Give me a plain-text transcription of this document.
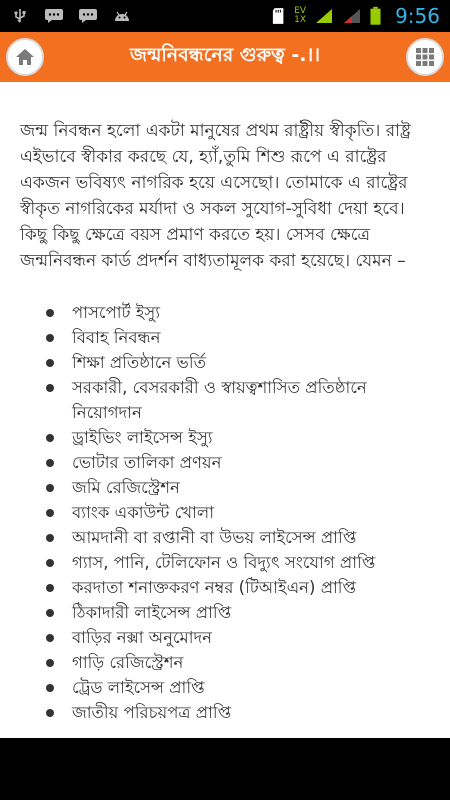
EV
1X	9:56
জন্মনিবন্ধনের গুরুত্ব -.।।

জন্ম নিবন্ধন হলো একটা মানুষের প্রথম রাষ্ট্রীয় স্বীকৃতি। রাষ্ট্র এইভাবে স্বীকার করছে যে, হ্যাঁ,তুমি শিশু রূপে এ রাষ্ট্রের একজন ভবিষ্যৎ নাগরিক হয়ে এসেছো। তোমাকে এ রাষ্ট্রের স্বীকৃত নাগরিকের মর্যাদা ও সকল সুযোগ-সুবিধা দেয়া হবে। কিছু কিছু ক্ষেত্রে বয়স প্রমাণ করতে হয়। সেসব ক্ষেত্রে জন্মনিবন্ধন কার্ড প্রদর্শন বাধ্যতামূলক করা হয়েছে। যেমন –

পাসপোর্ট ইস্যু
বিবাহ নিবন্ধন
শিক্ষা প্রতিষ্ঠানে ভর্তি
সরকারী, বেসরকারী ও স্বায়ত্বশাসিত প্রতিষ্ঠানে নিয়োগদান
ড্রাইভিং লাইসেন্স ইস্যু
ভোটার তালিকা প্রণয়ন
জমি রেজিস্ট্রেশন
ব্যাংক একাউন্ট খোলা
আমদানী বা রপ্তানী বা উভয় লাইসেন্স প্রাপ্তি
গ্যাস, পানি, টেলিফোন ও বিদ্যুৎ সংযোগ প্রাপ্তি
করদাতা শনাক্তকরণ নম্বর (টিআইএন) প্রাপ্তি
ঠিকাদারী লাইসেন্স প্রাপ্তি
বাড়ির নক্সা অনুমোদন
গাড়ি রেজিস্ট্রেশন
ট্রেড লাইসেন্স প্রাপ্তি
জাতীয় পরিচয়পত্র প্রাপ্তি
